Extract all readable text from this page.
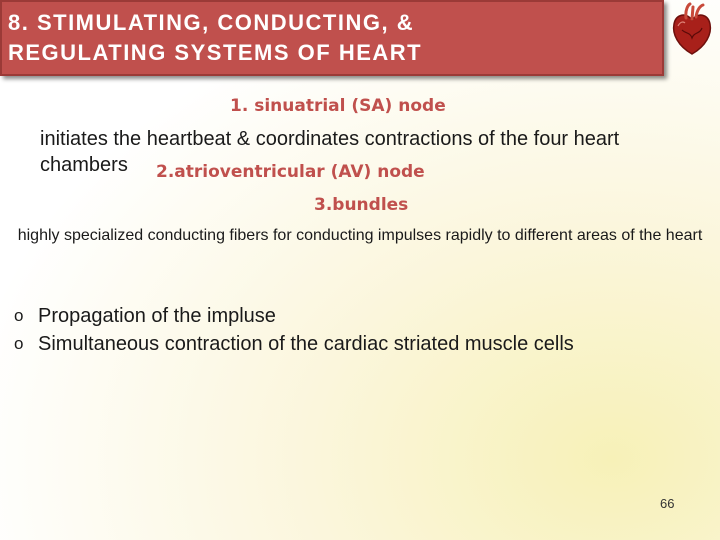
8. STIMULATING, CONDUCTING, &
REGULATING SYSTEMS OF HEART
1. sinuatrial (SA) node
initiates the heartbeat & coordinates contractions of the four heart chambers	2.atrioventricular (AV) node
3.bundles
highly specialized conducting fibers for conducting impulses rapidly to different areas of the heart
o Propagation of the impluse
o Simultaneous contraction of the cardiac striated muscle cells
66
